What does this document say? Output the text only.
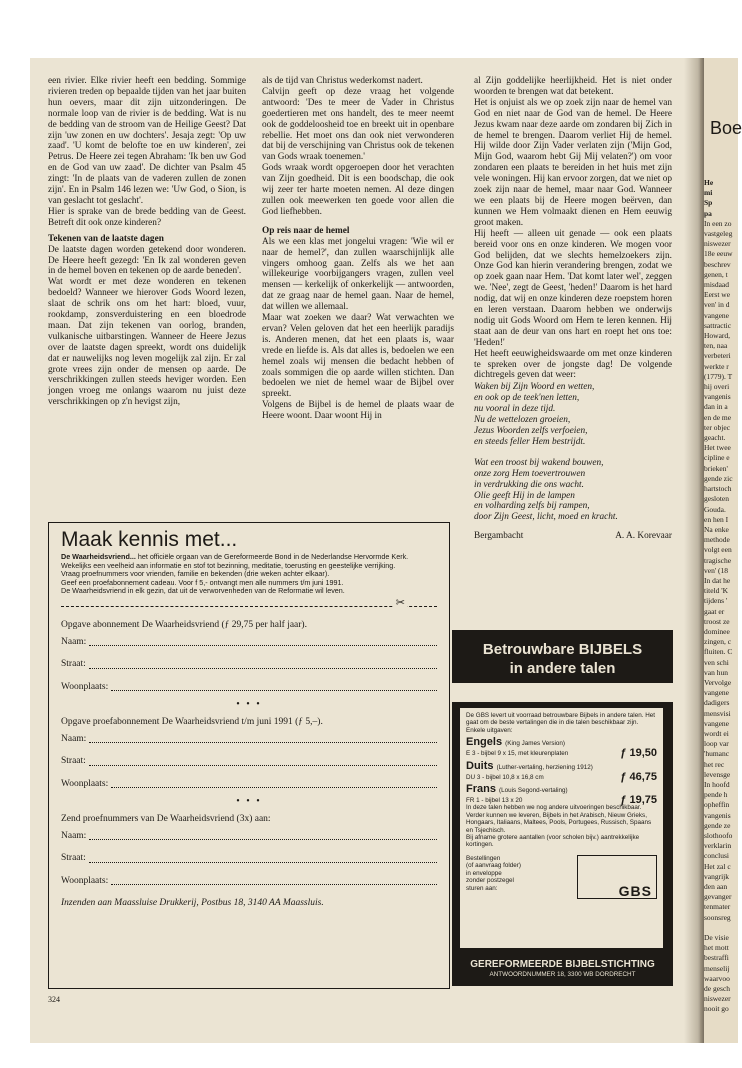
een rivier. Elke rivier heeft een bedding. Sommige rivieren treden op bepaalde tijden van het jaar buiten hun oevers, maar dit zijn uitzonderingen. De normale loop van de rivier is de bedding. Wat is nu de bedding van de stroom van de Heilige Geest? Dat zijn 'uw zonen en uw dochters'. Jesaja zegt: 'Op uw zaad'. 'U komt de belofte toe en uw kinderen', zei Petrus. De Heere zei tegen Abraham: 'Ik ben uw God en de God van uw zaad'. De dichter van Psalm 45 zingt: 'In de plaats van de vaderen zullen de zonen zijn'. En in Psalm 146 lezen we: 'Uw God, o Sion, is van geslacht tot geslacht'.

Hier is sprake van de brede bedding van de Geest. Betreft dit ook onze kinderen?

Tekenen van de laatste dagen

De laatste dagen worden getekend door wonderen. De Heere heeft gezegd: 'En Ik zal wonderen geven in de hemel boven en tekenen op de aarde beneden'.

Wat wordt er met deze wonderen en tekenen bedoeld? Wanneer we hierover Gods Woord lezen, slaat de schrik ons om het hart: bloed, vuur, rookdamp, zonsverduistering en een bloedrode maan. Dat zijn tekenen van oorlog, branden, vulkanische uitbarstingen. Wanneer de Heere Jezus over de laatste dagen spreekt, wordt ons duidelijk dat er nauwelijks nog leven mogelijk zal zijn. Er zal grote vrees zijn onder de mensen op aarde. De verschrikkingen zullen steeds heviger worden. Een jongen vroeg me onlangs waarom nu juist deze verschrikkingen op z'n hevigst zijn,

als de tijd van Christus wederkomst nadert.

Calvijn geeft op deze vraag het volgende antwoord: 'Des te meer de Vader in Christus goedertieren met ons handelt, des te meer neemt ook de goddeloosheid toe en breekt uit in openbare rebellie. Het moet ons dan ook niet verwonderen dat bij de verschijning van Christus ook de tekenen van Gods wraak toenemen.'

Gods wraak wordt opgeroepen door het verachten van Zijn goedheid. Dit is een boodschap, die ook wij zeer ter harte moeten nemen. Al deze dingen zullen ook meewerken ten goede voor allen die God liefhebben.

Op reis naar de hemel

Als we een klas met jongelui vragen: 'Wie wil er naar de hemel?', dan zullen waarschijnlijk alle vingers omhoog gaan. Zelfs als we het aan willekeurige voorbijgangers vragen, zullen veel mensen — kerkelijk of onkerkelijk — antwoorden, dat ze graag naar de hemel gaan. Naar de hemel, dat willen we allemaal.

Maar wat zoeken we daar? Wat verwachten we ervan? Velen geloven dat het een heerlijk paradijs is. Anderen menen, dat het een plaats is, waar vrede en liefde is. Als dat alles is, bedoelen we een hemel zoals wij mensen die bedacht hebben of zoals sommigen die op aarde willen stichten. Dan bedoelen we niet de hemel waar de Bijbel over spreekt.

Volgens de Bijbel is de hemel de plaats waar de Heere woont. Daar woont Hij in

al Zijn goddelijke heerlijkheid. Het is niet onder woorden te brengen wat dat betekent.

Het is onjuist als we op zoek zijn naar de hemel van God en niet naar de God van de hemel. De Heere Jezus kwam naar deze aarde om zondaren bij Zich in de hemel te brengen. Daarom verliet Hij de hemel. Hij wilde door Zijn Vader verlaten zijn ('Mijn God, Mijn God, waarom hebt Gij Mij velaten?') om voor zondaren een plaats te bereiden in het huis met zijn vele woningen. Hij kan ervoor zorgen, dat we niet op zoek zijn naar de hemel, maar naar God. Wanneer we een plaats bij de Heere mogen beërven, dan kunnen we Hem volmaakt dienen en Hem eeuwig groot maken.

Hij heeft — alleen uit genade — ook een plaats bereid voor ons en onze kinderen. We mogen voor God belijden, dat we slechts hemelzoekers zijn. Onze God kan hierin verandering brengen, zodat we op zoek gaan naar Hem. 'Dat komt later wel', zeggen we. 'Nee', zegt de Geest, 'heden!' Daarom is het hard nodig, dat wij en onze kinderen deze roepstem horen en leren verstaan. Daarom hebben we onderwijs nodig uit Gods Woord om Hem te leren kennen. Hij staat aan de deur van ons hart en roept het ons toe: 'Heden!'

Het heeft eeuwigheidswaarde om met onze kinderen te spreken over de jongste dag! De volgende dichtregels geven dat weer:

Waken bij Zijn Woord en wetten,
en ook op de teek'nen letten,
nu vooral in deze tijd.
Nu de wettelozen groeien,
Jezus Woorden zelfs verfoeien,
en steeds feller Hem bestrijdt.
Wat een troost bij wakend bouwen,
onze zorg Hem toevertrouwen
in verdrukking die ons wacht.
Olie geeft Hij in de lampen
en volharding zelfs bij rampen,
door Zijn Geest, licht, moed en kracht.
Bergambacht	A. A. Korevaar
Maak kennis met...
De Waarheidsvriend... het officiële orgaan van de Gereformeerde Bond in de Nederlandse Hervormde Kerk.
Wekelijks een veelheid aan informatie en stof tot bezinning, meditatie, toerusting en geestelijke verrijking.
Vraag proefnummers voor vrienden, familie en bekenden (drie weken achter elkaar).
Geef een proefabonnement cadeau. Voor f 5,- ontvangt men alle nummers t/m juni 1991.
De Waarheidsvriend in elk gezin, dat uit de verworvenheden van de Reformatie wil leven.
✂
Opgave abonnement De Waarheidsvriend (ƒ 29,75 per half jaar).
Naam:
Straat:
Woonplaats:
• • •
Opgave proefabonnement De Waarheidsvriend t/m juni 1991 (ƒ 5,–).
Naam:
Straat:
Woonplaats:
• • •
Zend proefnummers van De Waarheidsvriend (3x) aan:
Naam:
Straat:
Woonplaats:
Inzenden aan Maassluise Drukkerij, Postbus 18, 3140 AA Maassluis.
Betrouwbare BIJBELS
in andere talen
De GBS levert uit voorraad betrouwbare Bijbels in andere talen. Het gaat om de beste vertalingen die in die talen beschikbaar zijn. Enkele uitgaven:
Engels (King James Version)
E 3 - bijbel 9 x 15, met kleurenplaten	ƒ 19,50
Duits (Luther-vertaling, herziening 1912)
DU 3 - bijbel 10,8 x 16,8 cm	ƒ 46,75
Frans (Louis Segond-vertaling)
FR 1 - bijbel 13 x 20	ƒ 19,75
In deze talen hebben we nog andere uitvoeringen beschikbaar. Verder kunnen we leveren, Bijbels in het Arabisch, Nieuw Grieks, Hongaars, Italiaans, Maltees, Pools, Portugees, Russisch, Spaans en Tsjechisch.
Bij afname grotere aantallen (voor scholen bijv.) aantrekkelijke kortingen.
Bestellingen
(of aanvraag folder)
in enveloppe
zonder postzegel
sturen aan:	GBS
GEREFORMEERDE BIJBELSTICHTING
ANTWOORDNUMMER 18, 3300 WB DORDRECHT
324
Boe
He
mi
Sp
pa
In een zo
vastgeleg
niswezer
18e eeuw
beschrev
genen, t
misdaad
Eerst we
ven' in d
vangene
sattractic
Howard,
ten, naa
verbeteri
werkte r
(1779). T
hij overi
vangenis
dan in a
en de me
ter objec
geacht.
Het twee
cipline e
brieken'
gende zic
hartstoch
gesloten
Gouda.
en hen I
Na enke
methode
volgt een
tragische
ven' (18
In dat he
titeld 'K
tijdens '
gaat er
troost ze
dominee
zingen, c
fluiten. C
ven schi
van hun
Vervolge
vangene
dadigers
mensvisi
vangene
wordt ei
loop var
'humanc
het rec
levensge
In hoofd
pende h
opheffin
vangenis
gende ze
slothoofo
verklarin
conclusi
Het zal c
vangrijk
den aan
gevanger
tenmater
soonsreg

De visie
het mott
bestraffi
menselij
waarvoo
de gesch
niswezer
nooit go
